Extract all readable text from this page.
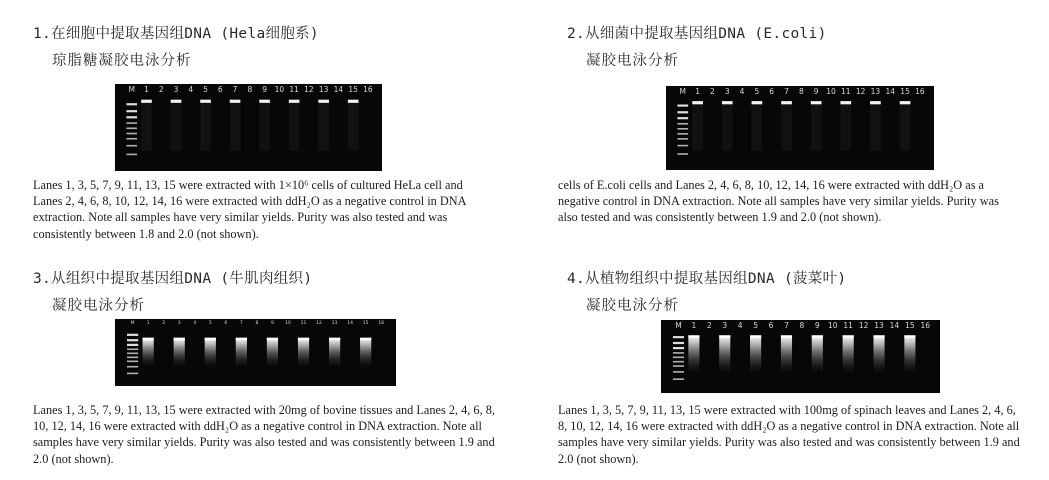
1.在细胞中提取基因组DNA (Hela细胞系)
琼脂糖凝胶电泳分析
M 1 2 3 4 5 6 7 8 9 10 11 12 13 14 15 16
Lanes 1, 3, 5, 7, 9, 11, 13, 15 were extracted with 1×10⁶ cells of cultured HeLa cell and Lanes 2, 4, 6, 8, 10, 12, 14, 16 were extracted with ddH₂O as a negative control in DNA extraction. Note all samples have very similar yields. Purity was also tested and was consistently between 1.8 and 2.0 (not shown).
2.从细菌中提取基因组DNA (E.coli)
凝胶电泳分析
M 1 2 3 4 5 6 7 8 9 10 11 12 13 14 15 16
cells of E.coli cells and Lanes 2, 4, 6, 8, 10, 12, 14, 16 were extracted with ddH₂O as a negative control in DNA extraction. Note all samples have very similar yields. Purity was also tested and was consistently between 1.9 and 2.0 (not shown).
3.从组织中提取基因组DNA (牛肌肉组织)
凝胶电泳分析
M	1	2	3	4	5	6	7	8	9 10 11 12 13 14 15 16
Lanes 1, 3, 5, 7, 9, 11, 13, 15 were extracted with 20mg of bovine tissues and Lanes 2, 4, 6, 8, 10, 12, 14, 16 were extracted with ddH₂O as a negative control in DNA extraction. Note all samples have very similar yields. Purity was also tested and was consistently between 1.9 and 2.0 (not shown).
4.从植物组织中提取基因组DNA (菠菜叶)
凝胶电泳分析
M 1 2 3 4 5 6 7 8 9 10 11 12 13 14 15 16
Lanes 1, 3, 5, 7, 9, 11, 13, 15 were extracted with 100mg of spinach leaves and Lanes 2, 4, 6, 8, 10, 12, 14, 16 were extracted with ddH₂O as a negative control in DNA extraction. Note all samples have very similar yields. Purity was also tested and was consistently between 1.9 and 2.0 (not shown).
